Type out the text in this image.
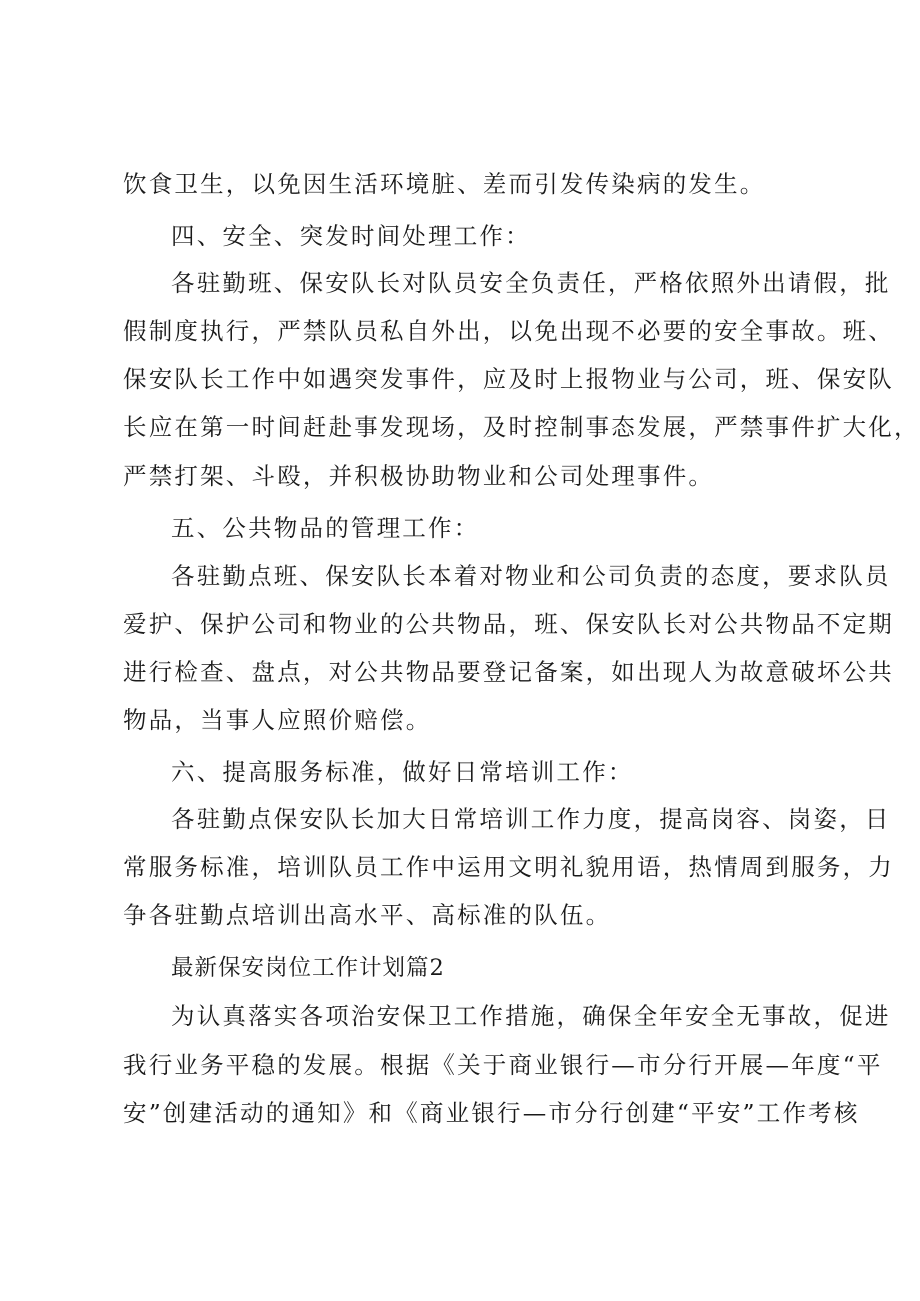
饮食卫生，以免因生活环境脏、差而引发传染病的发生。
四、安全、突发时间处理工作：
各驻勤班、保安队长对队员安全负责任，严格依照外出请假，批
假制度执行，严禁队员私自外出，以免出现不必要的安全事故。班、
保安队长工作中如遇突发事件，应及时上报物业与公司，班、保安队
长应在第一时间赶赴事发现场，及时控制事态发展，严禁事件扩大化，
严禁打架、斗殴，并积极协助物业和公司处理事件。
五、公共物品的管理工作：
各驻勤点班、保安队长本着对物业和公司负责的态度，要求队员
爱护、保护公司和物业的公共物品，班、保安队长对公共物品不定期
进行检查、盘点，对公共物品要登记备案，如出现人为故意破坏公共
物品，当事人应照价赔偿。
六、提高服务标准，做好日常培训工作：
各驻勤点保安队长加大日常培训工作力度，提高岗容、岗姿，日
常服务标准，培训队员工作中运用文明礼貌用语，热情周到服务，力
争各驻勤点培训出高水平、高标准的队伍。
最新保安岗位工作计划篇2
为认真落实各项治安保卫工作措施，确保全年安全无事故，促进
我行业务平稳的发展。根据《关于商业银行—市分行开展—年度“平
安”创建活动的通知》和《商业银行—市分行创建“平安”工作考核
